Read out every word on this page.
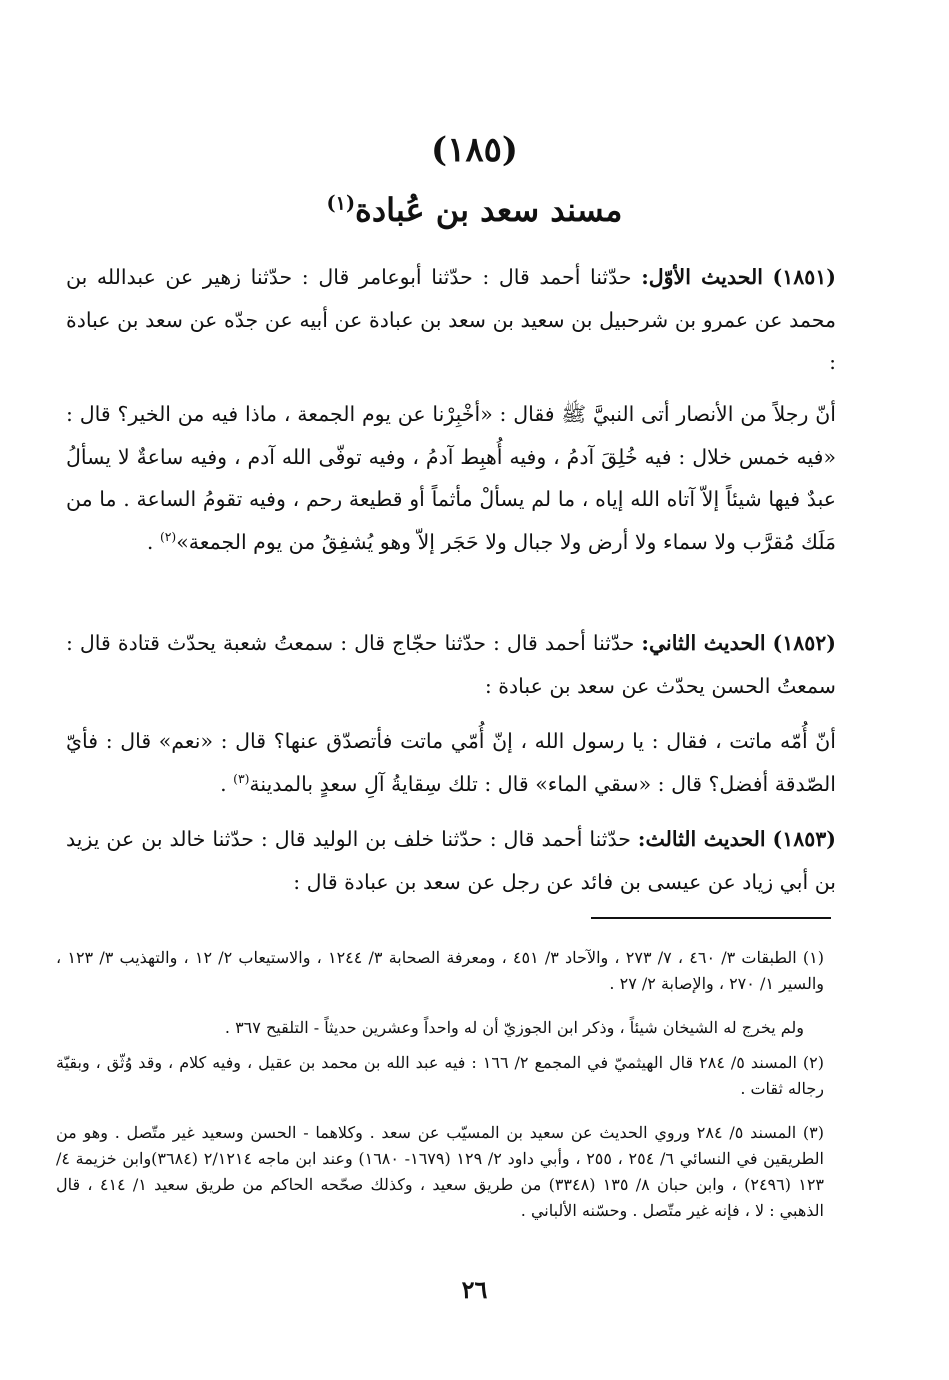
(١٨٥)
مسند سعد بن عُبادة$^{(١)}$

(١٨٥١) الحديث الأوّل: حدّثنا أحمد قال : حدّثنا أبوعامر قال : حدّثنا زهير عن عبدالله بن محمد عن عمرو بن شرحبيل بن سعيد بن سعد بن عبادة عن أبيه عن جدّه عن سعد بن عبادة :

أنّ رجلاً من الأنصار أتى النبيَّ ﷺ فقال : «أخْبِرْنا عن يوم الجمعة ، ماذا فيه من الخير؟ قال : «فيه خمس خلال : فيه خُلِقَ آدمُ ، وفيه أُهبِط آدمُ ، وفيه توفّى الله آدم ، وفيه ساعةٌ لا يسألُ عبدٌ فيها شيئاً إلاّ آتاه الله إياه ، ما لم يسألْ مأثماً أو قطيعة رحم ، وفيه تقومُ الساعة . ما من مَلَك مُقرَّب ولا سماء ولا أرض ولا جبال ولا حَجَر إلاّ وهو يُشفِقُ من يوم الجمعة»$^{(٢)}$ .

(١٨٥٢) الحديث الثاني: حدّثنا أحمد قال : حدّثنا حجّاج قال : سمعتُ شعبة يحدّث قتادة قال : سمعتُ الحسن يحدّث عن سعد بن عبادة :

أنّ أُمّه ماتت ، فقال : يا رسول الله ، إنّ أُمّي ماتت فأتصدّق عنها؟ قال : «نعم» قال : فأيّ الصّدقة أفضل؟ قال : «سقي الماء» قال : تلك سِقايةُ آلِ سعدٍ بالمدينة$^{(٣)}$ .

(١٨٥٣) الحديث الثالث: حدّثنا أحمد قال : حدّثنا خلف بن الوليد قال : حدّثنا خالد بن عن يزيد بن أبي زياد عن عيسى بن فائد عن رجل عن سعد بن عبادة قال :

(١) الطبقات ٣/ ٤٦٠ ، ٧/ ٢٧٣ ، والآحاد ٣/ ٤٥١ ، ومعرفة الصحابة ٣/ ١٢٤٤ ، والاستيعاب ٢/ ١٢ ، والتهذيب ٣/ ١٢٣ ، والسير ١/ ٢٧٠ ، والإصابة ٢/ ٢٧ .

ولم يخرج له الشيخان شيئاً ، وذكر ابن الجوزيّ أن له واحداً وعشرين حديثاً - التلقيح ٣٦٧ .

(٢) المسند ٥/ ٢٨٤ قال الهيثميّ في المجمع ٢/ ١٦٦ : فيه عبد الله بن محمد بن عقيل ، وفيه كلام ، وقد وُثّق ، وبقيّة رجاله ثقات .

(٣) المسند ٥/ ٢٨٤ وروي الحديث عن سعيد بن المسيّب عن سعد . وكلاهما - الحسن وسعيد غير متّصل . وهو من الطريقين في النسائي ٦/ ٢٥٤ ، ٢٥٥ ، وأبي داود ٢/ ١٢٩ (١٦٧٩- ١٦٨٠) وعند ابن ماجه ٢/١٢١٤ (٣٦٨٤)وابن خزيمة ٤/ ١٢٣ (٢٤٩٦) ، وابن حبان ٨/ ١٣٥ (٣٣٤٨) من طريق سعيد ، وكذلك صحّحه الحاكم من طريق سعيد ١/ ٤١٤ ، قال الذهبي : لا ، فإنه غير متّصل . وحسّنه الألباني .

٢٦
